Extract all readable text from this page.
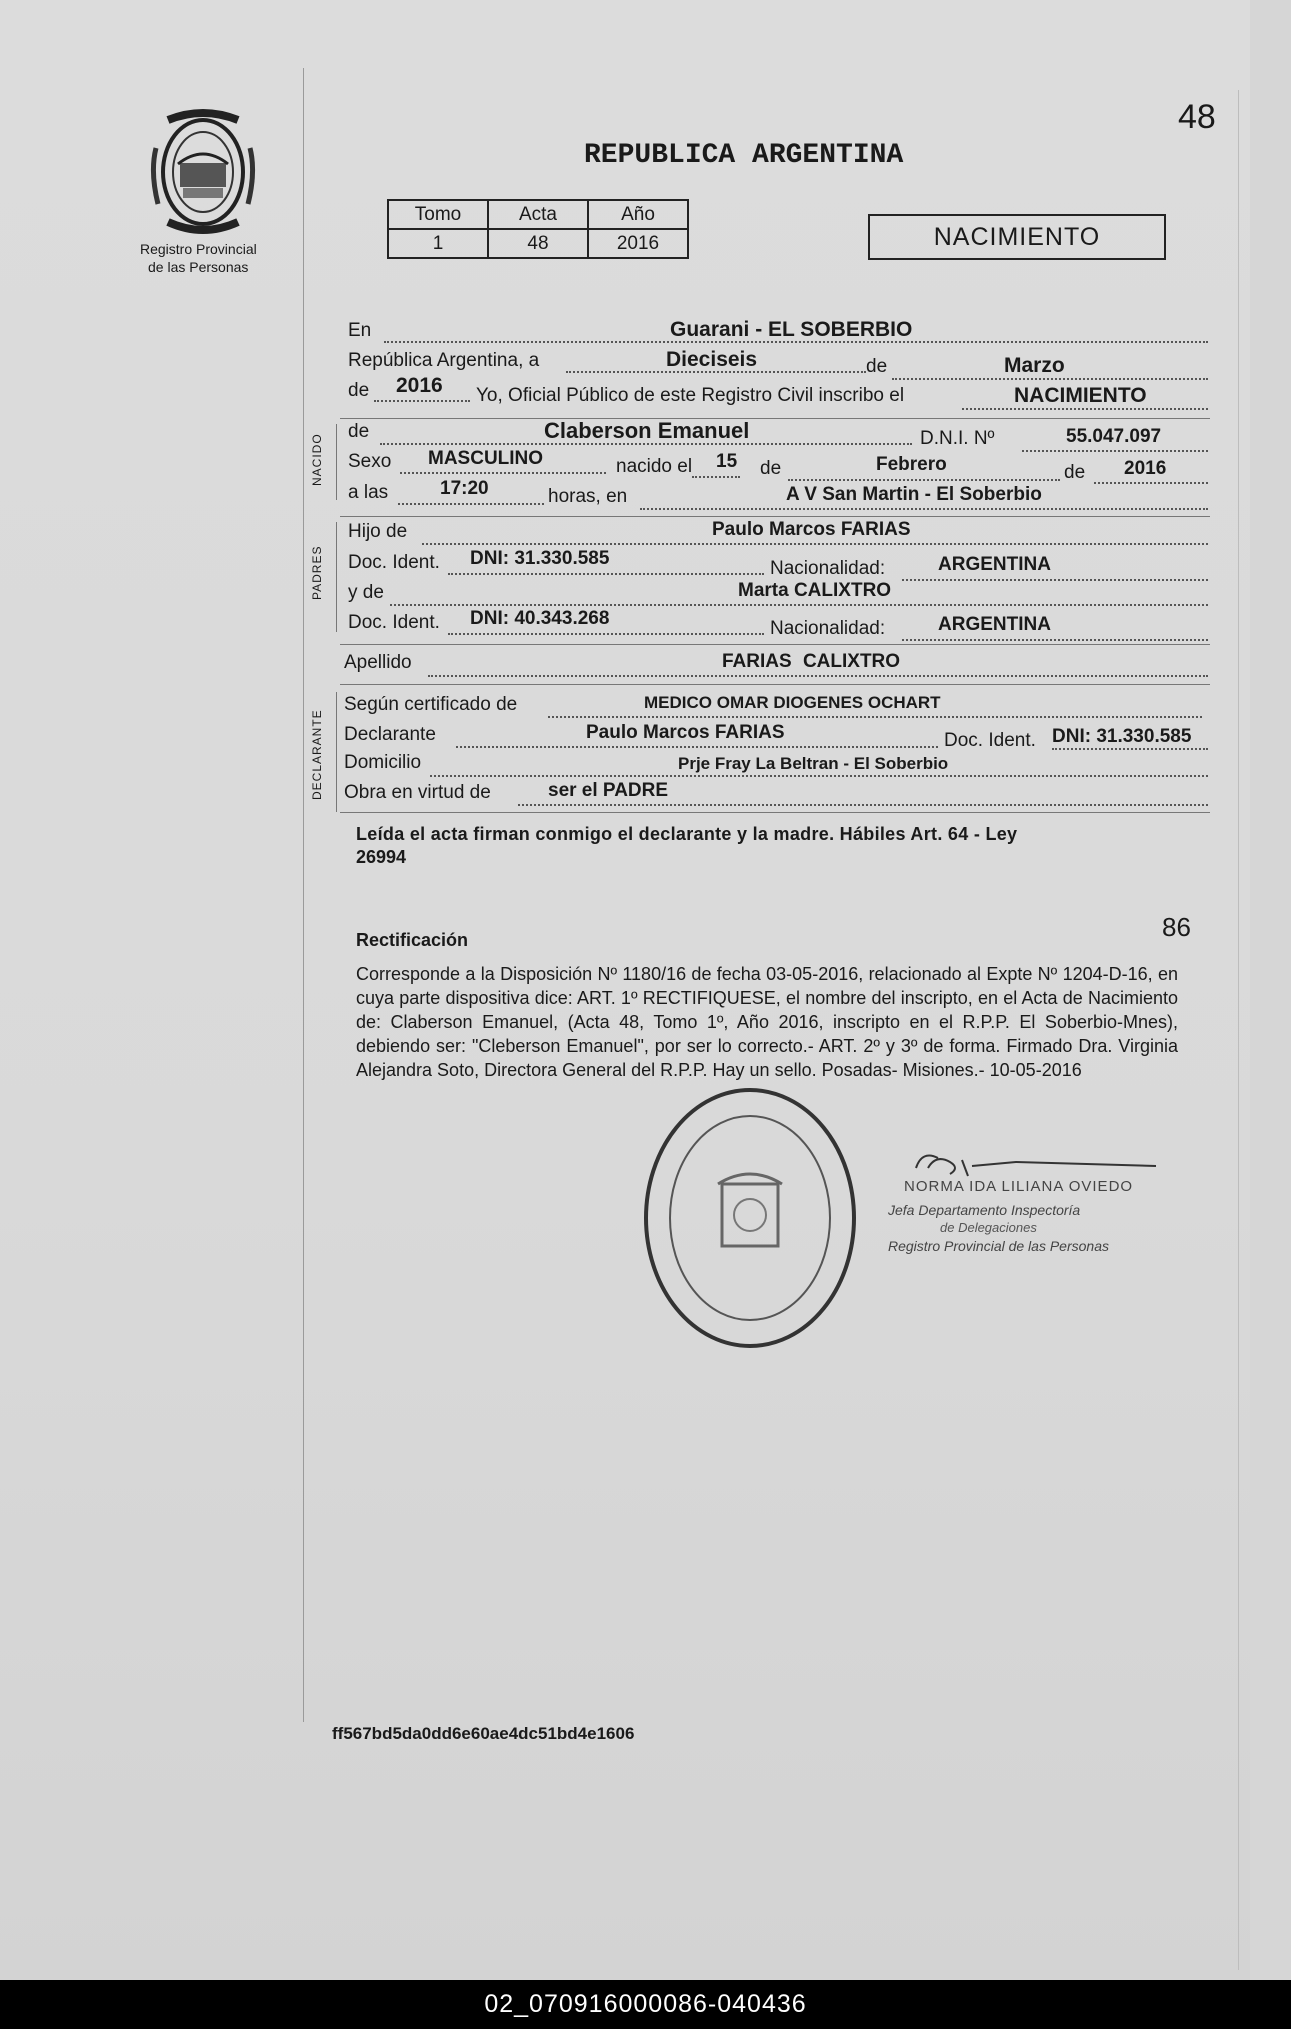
Registro Provincial
de las Personas
48
REPUBLICA ARGENTINA
Tomo	Acta	Año
1	48	2016	NACIMIENTO
En	Guarani - EL SOBERBIO
República Argentina, a	Dieciseis	de	Marzo
de 2016 Yo, Oficial Público de este Registro Civil inscribo el	NACIMIENTO
NACIDO
de	Claberson Emanuel	D.N.I. Nº	55.047.097
Sexo MASCULINO	nacido el 15 de	Febrero	de 2016
a las	17:20	horas, en	A V San Martin - El Soberbio
PADRES
Hijo de	Paulo Marcos FARIAS
Doc. Ident. DNI: 31.330.585	Nacionalidad:	ARGENTINA
y de	Marta CALIXTRO
Doc. Ident. DNI: 40.343.268	Nacionalidad:	ARGENTINA
Apellido	FARIAS CALIXTRO
DECLARANTE
Según certificado de	MEDICO OMAR DIOGENES OCHART
Declarante	Paulo Marcos FARIAS	Doc. Ident. DNI: 31.330.585
Domicilio	Prje Fray La Beltran - El Soberbio
Obra en virtud de	ser el PADRE
Leída el acta firman conmigo el declarante y la madre. Hábiles Art. 64 - Ley
26994
86
Rectificación
Corresponde a la Disposición Nº 1180/16 de fecha 03-05-2016, relacionado al Expte Nº 1204-D-16, en cuya parte dispositiva dice: ART. 1º RECTIFIQUESE, el nombre del inscripto, en el Acta de Nacimiento de: Claberson Emanuel, (Acta 48, Tomo 1º, Año 2016, inscripto en el R.P.P. El Soberbio-Mnes), debiendo ser: "Cleberson Emanuel", por ser lo correcto.- ART. 2º y 3º de forma. Firmado Dra. Virginia Alejandra Soto, Directora General del R.P.P. Hay un sello. Posadas- Misiones.- 10-05-2016
NORMA IDA LILIANA OVIEDO
Jefa Departamento Inspectoría
de Delegaciones
Registro Provincial de las Personas
ff567bd5da0dd6e60ae4dc51bd4e1606
02_070916000086-040436
